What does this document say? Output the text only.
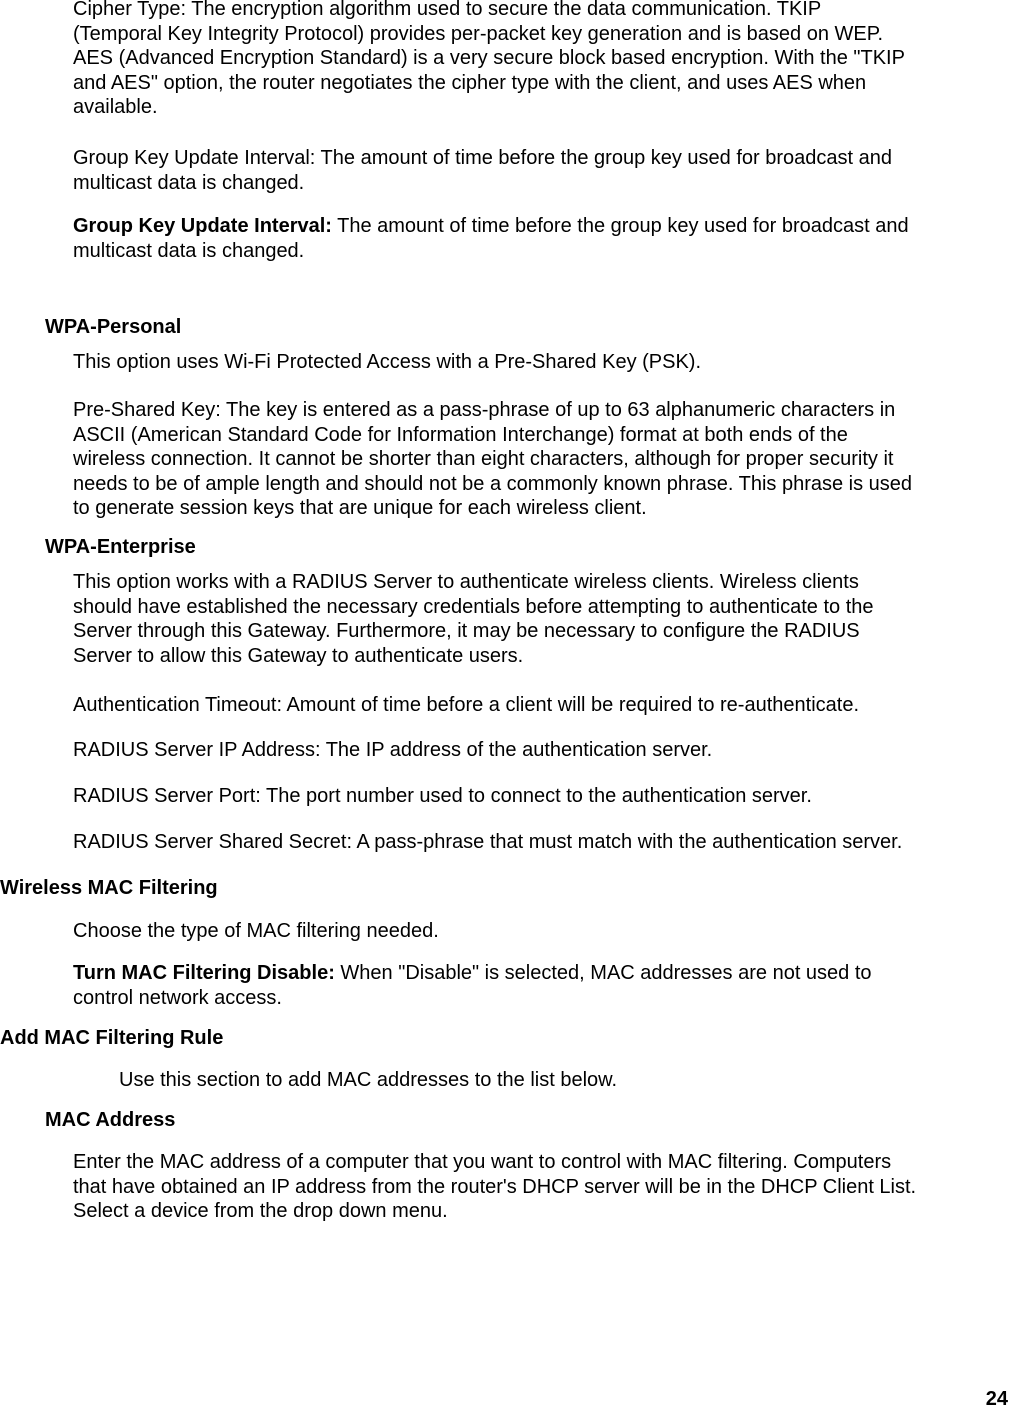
Cipher Type: The encryption algorithm used to secure the data communication. TKIP
(Temporal Key Integrity Protocol) provides per-packet key generation and is based on WEP.
AES (Advanced Encryption Standard) is a very secure block based encryption. With the "TKIP
and AES" option, the router negotiates the cipher type with the client, and uses AES when
available.
Group Key Update Interval: The amount of time before the group key used for broadcast and
multicast data is changed.
Group Key Update Interval: The amount of time before the group key used for broadcast and
multicast data is changed.
WPA-Personal
This option uses Wi-Fi Protected Access with a Pre-Shared Key (PSK).
Pre-Shared Key: The key is entered as a pass-phrase of up to 63 alphanumeric characters in
ASCII (American Standard Code for Information Interchange) format at both ends of the
wireless connection. It cannot be shorter than eight characters, although for proper security it
needs to be of ample length and should not be a commonly known phrase. This phrase is used
to generate session keys that are unique for each wireless client.
WPA-Enterprise
This option works with a RADIUS Server to authenticate wireless clients. Wireless clients
should have established the necessary credentials before attempting to authenticate to the
Server through this Gateway. Furthermore, it may be necessary to configure the RADIUS
Server to allow this Gateway to authenticate users.
Authentication Timeout: Amount of time before a client will be required to re-authenticate.
RADIUS Server IP Address: The IP address of the authentication server.
RADIUS Server Port: The port number used to connect to the authentication server.
RADIUS Server Shared Secret: A pass-phrase that must match with the authentication server.
Wireless MAC Filtering
Choose the type of MAC filtering needed.
Turn MAC Filtering Disable: When "Disable" is selected, MAC addresses are not used to
control network access.
Add MAC Filtering Rule
Use this section to add MAC addresses to the list below.
MAC Address
Enter the MAC address of a computer that you want to control with MAC filtering. Computers
that have obtained an IP address from the router's DHCP server will be in the DHCP Client List.
Select a device from the drop down menu.
24
